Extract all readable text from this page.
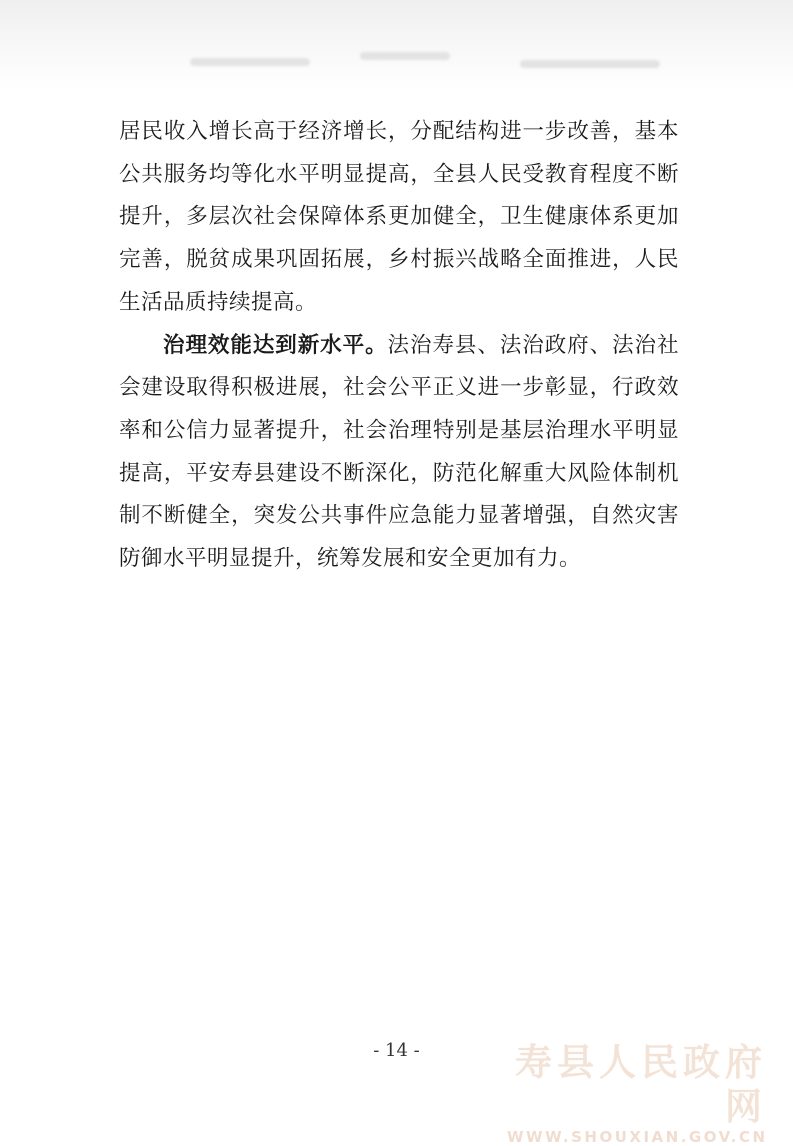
居民收入增长高于经济增长，分配结构进一步改善，基本公共服务均等化水平明显提高，全县人民受教育程度不断提升，多层次社会保障体系更加健全，卫生健康体系更加完善，脱贫成果巩固拓展，乡村振兴战略全面推进，人民生活品质持续提高。

治理效能达到新水平。法治寿县、法治政府、法治社会建设取得积极进展，社会公平正义进一步彰显，行政效率和公信力显著提升，社会治理特别是基层治理水平明显提高，平安寿县建设不断深化，防范化解重大风险体制机制不断健全，突发公共事件应急能力显著增强，自然灾害防御水平明显提升，统筹发展和安全更加有力。

- 14 -	寿县人民政府网
WWW.SHOUXIAN.GOV.CN
